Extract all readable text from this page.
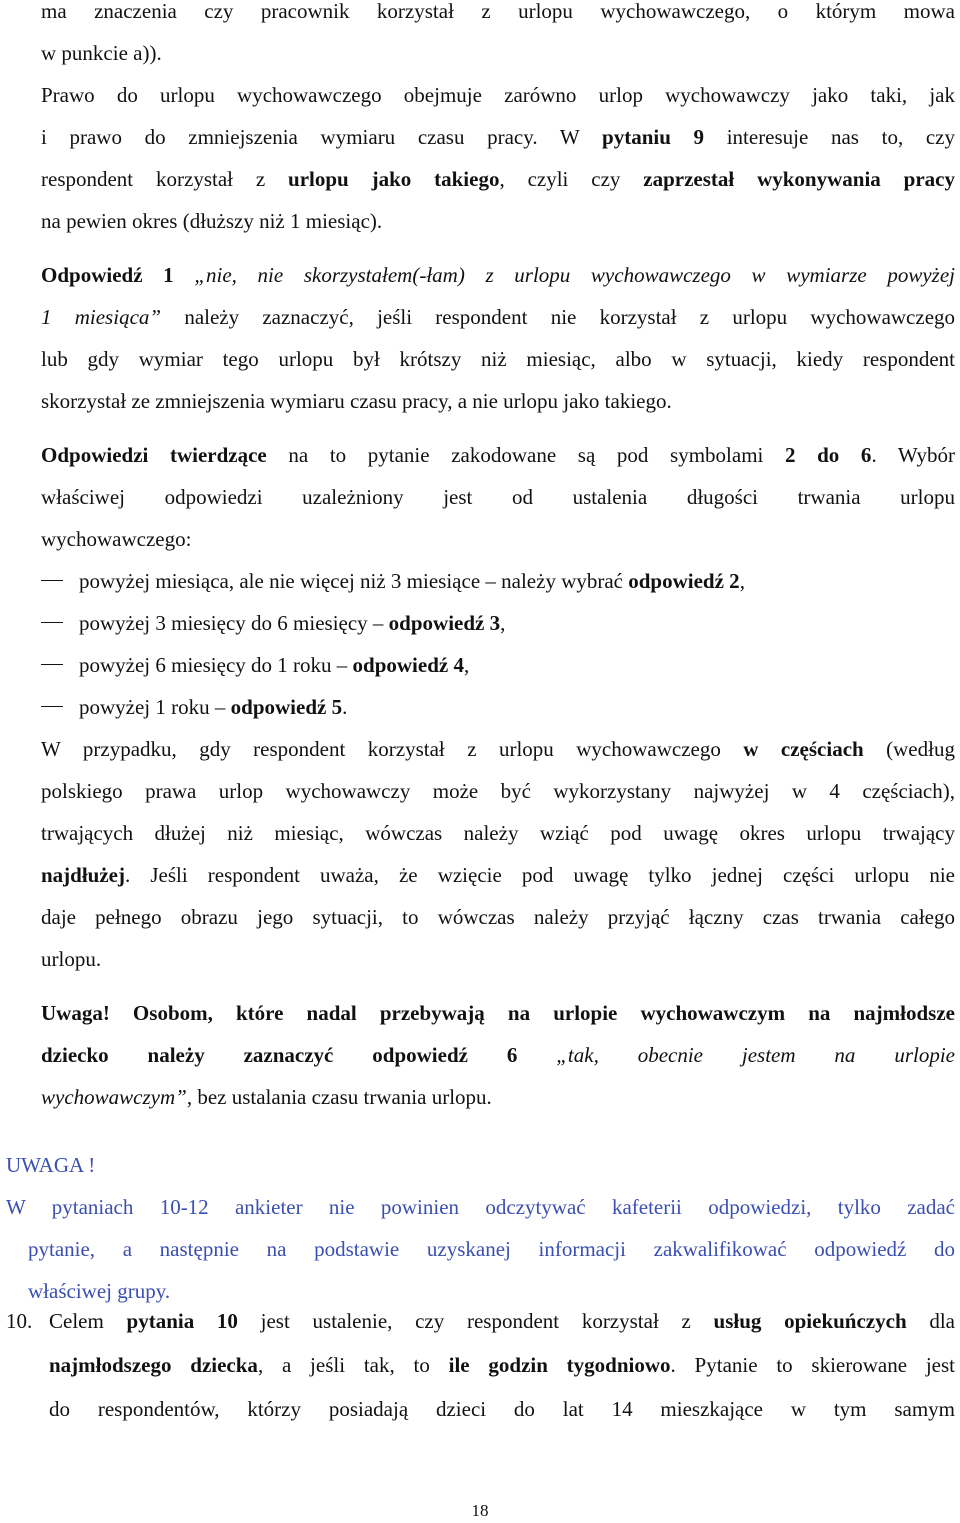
ma znaczenia czy pracownik korzystał z urlopu wychowawczego, o którym mowa
w punkcie a)).
Prawo do urlopu wychowawczego obejmuje zarówno urlop wychowawczy jako taki, jak
i prawo do zmniejszenia wymiaru czasu pracy. W pytaniu 9 interesuje nas to, czy
respondent korzystał z urlopu jako takiego, czyli czy zaprzestał wykonywania pracy
na pewien okres (dłuższy niż 1 miesiąc).
Odpowiedź 1 „nie, nie skorzystałem(-łam) z urlopu wychowawczego w wymiarze powyżej
1 miesiąca” należy zaznaczyć, jeśli respondent nie korzystał z urlopu wychowawczego
lub gdy wymiar tego urlopu był krótszy niż miesiąc, albo w sytuacji, kiedy respondent
skorzystał ze zmniejszenia wymiaru czasu pracy, a nie urlopu jako takiego.
Odpowiedzi twierdzące na to pytanie zakodowane są pod symbolami 2 do 6. Wybór
właściwej odpowiedzi uzależniony jest od ustalenia długości trwania urlopu
wychowawczego:
powyżej miesiąca, ale nie więcej niż 3 miesiące – należy wybrać odpowiedź 2,
powyżej 3 miesięcy do 6 miesięcy – odpowiedź 3,
powyżej 6 miesięcy do 1 roku – odpowiedź 4,
powyżej 1 roku – odpowiedź 5.
W przypadku, gdy respondent korzystał z urlopu wychowawczego w częściach (według
polskiego prawa urlop wychowawczy może być wykorzystany najwyżej w 4 częściach),
trwających dłużej niż miesiąc, wówczas należy wziąć pod uwagę okres urlopu trwający
najdłużej. Jeśli respondent uważa, że wzięcie pod uwagę tylko jednej części urlopu nie
daje pełnego obrazu jego sytuacji, to wówczas należy przyjąć łączny czas trwania całego
urlopu.
Uwaga! Osobom, które nadal przebywają na urlopie wychowawczym na najmłodsze
dziecko należy zaznaczyć odpowiedź 6 „tak, obecnie jestem na urlopie
wychowawczym”, bez ustalania czasu trwania urlopu.
UWAGA !
W pytaniach 10-12 ankieter nie powinien odczytywać kafeterii odpowiedzi, tylko zadać
pytanie, a następnie na podstawie uzyskanej informacji zakwalifikować odpowiedź do
właściwej grupy.
10. Celem pytania 10 jest ustalenie, czy respondent korzystał z usług opiekuńczych dla
najmłodszego dziecka, a jeśli tak, to ile godzin tygodniowo. Pytanie to skierowane jest
do respondentów, którzy posiadają dzieci do lat 14 mieszkające w tym samym
18
